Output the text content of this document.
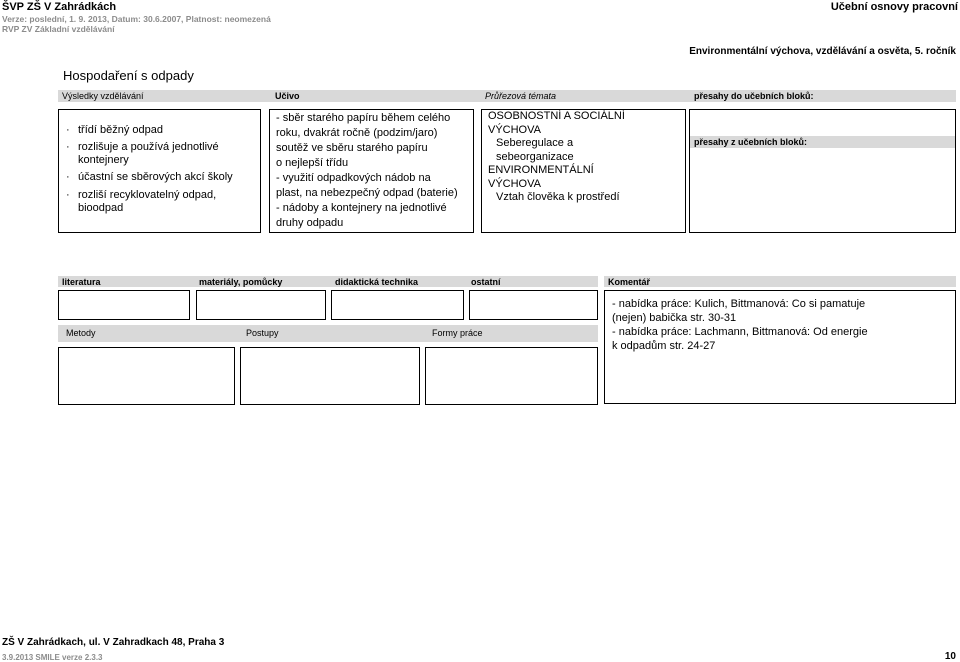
ŠVP ZŠ V Zahrádkách	Učební osnovy pracovní
Verze: poslední, 1. 9. 2013, Datum: 30.6.2007, Platnost: neomezená
RVP ZV Základní vzdělávání
Environmentální výchova, vzdělávání a osvěta, 5. ročník
Hospodaření s odpady
Výsledky vzdělávání	Učivo	Průřezová témata	přesahy do učebních bloků:
· třídí běžný odpad
· rozlišuje a používá jednotlivé kontejnery
· účastní se sběrových akcí školy
· rozliší recyklovatelný odpad, bioodpad
- sběr starého papíru během celého
roku, dvakrát ročně (podzim/jaro)
soutěž ve sběru starého papíru
o nejlepší třídu
- využití odpadkových nádob na
plast, na nebezpečný odpad (baterie)
- nádoby a kontejnery na jednotlivé
druhy odpadu
OSOBNOSTNÍ A SOCIÁLNÍ
VÝCHOVA
Seberegulace a
sebeorganizace
ENVIRONMENTÁLNÍ
VÝCHOVA
Vztah člověka k prostředí
přesahy z učebních bloků:
literatura	materiály, pomůcky	didaktická technika	ostatní	Komentář
- nabídka práce: Kulich, Bittmanová: Co si pamatuje
(nejen) babička str. 30-31
- nabídka práce: Lachmann, Bittmanová: Od energie
k odpadům str. 24-27
Metody	Postupy	Formy práce
ZŠ V Zahrádkach, ul. V Zahradkach 48, Praha 3
3.9.2013 SMILE verze 2.3.3	10
